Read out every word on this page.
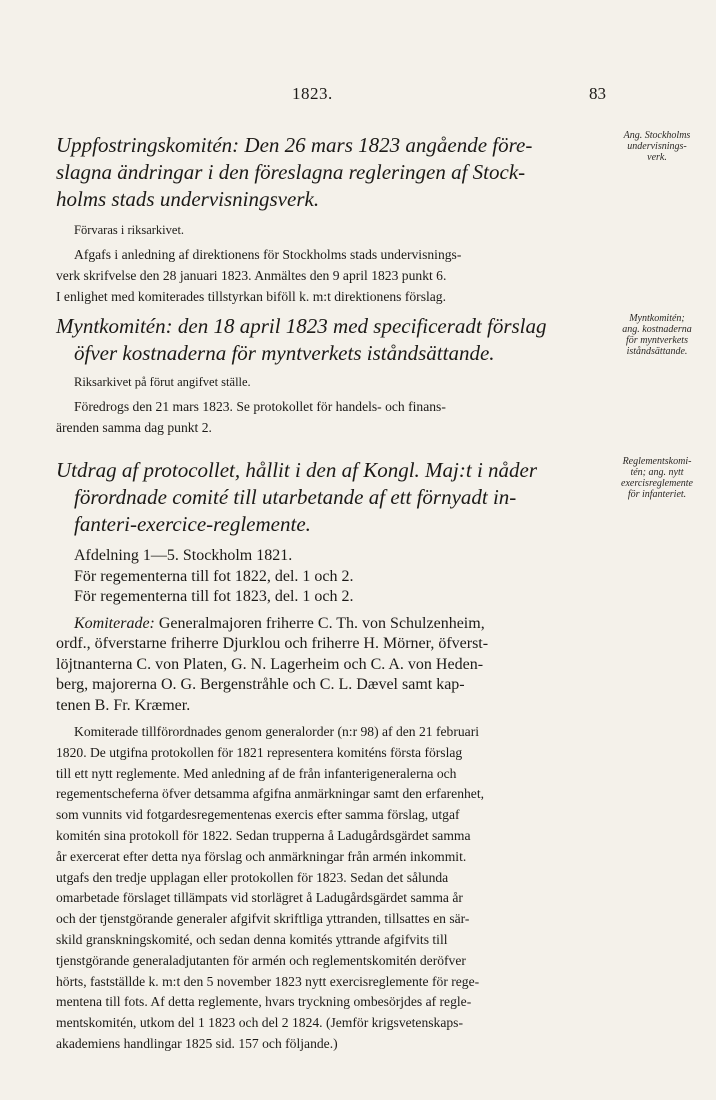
1823.	83
Uppfostringskomitén: Den 26 mars 1823 angående före-
slagna ändringar i den föreslagna regleringen af Stock-
holms stads undervisningsverk.

Förvaras i riksarkivet.

Afgafs i anledning af direktionens för Stockholms stads undervisnings-
verk skrifvelse den 28 januari 1823. Anmältes den 9 april 1823 punkt 6.
I enlighet med komiterades tillstyrkan biföll k. m:t direktionens förslag.
Ang. Stockholms
undervisnings-
verk.
Myntkomitén: den 18 april 1823 med specificeradt förslag
öfver kostnaderna för myntverkets iståndsättande.

Riksarkivet på förut angifvet ställe.

Föredrogs den 21 mars 1823. Se protokollet för handels- och finans-
ärenden samma dag punkt 2.
Myntkomitén;
ang. kostnaderna
för myntverkets
iståndsättande.
Utdrag af protocollet, hållit i den af Kongl. Maj:t i nåder
förordnade comité till utarbetande af ett förnyadt in-
fanteri-exercice-reglemente.
Afdelning 1—5. Stockholm 1821.
För regementerna till fot 1822, del. 1 och 2.
För regementerna till fot 1823, del. 1 och 2.
Komiterade: Generalmajoren friherre C. Th. von Schulzenheim,
ordf., öfverstarne friherre Djurklou och friherre H. Mörner, öfverst-
löjtnanterna C. von Platen, G. N. Lagerheim och C. A. von Heden-
berg, majorerna O. G. Bergenstråhle och C. L. Dævel samt kap-
tenen B. Fr. Kræmer.
Komiterade tillförordnades genom generalorder (n:r 98) af den 21 februari
1820. De utgifna protokollen för 1821 representera komiténs första förslag
till ett nytt reglemente. Med anledning af de från infanterigeneralerna och
regementscheferna öfver detsamma afgifna anmärkningar samt den erfarenhet,
som vunnits vid fotgardesregementenas exercis efter samma förslag, utgaf
komitén sina protokoll för 1822. Sedan trupperna å Ladugårdsgärdet samma
år exercerat efter detta nya förslag och anmärkningar från armén inkommit.
utgafs den tredje upplagan eller protokollen för 1823. Sedan det sålunda
omarbetade förslaget tillämpats vid storlägret å Ladugårdsgärdet samma år
och der tjenstgörande generaler afgifvit skriftliga yttranden, tillsattes en sär-
skild granskningskomité, och sedan denna komités yttrande afgifvits till
tjenstgörande generaladjutanten för armén och reglementskomitén deröfver
hörts, fastställde k. m:t den 5 november 1823 nytt exercisreglemente för rege-
mentena till fots. Af detta reglemente, hvars tryckning ombesörjdes af regle-
mentskomitén, utkom del 1 1823 och del 2 1824. (Jemför krigsvetenskaps-
akademiens handlingar 1825 sid. 157 och följande.)
Reglementskomi-
tén; ang. nytt
exercisreglemente
för infanteriet.
